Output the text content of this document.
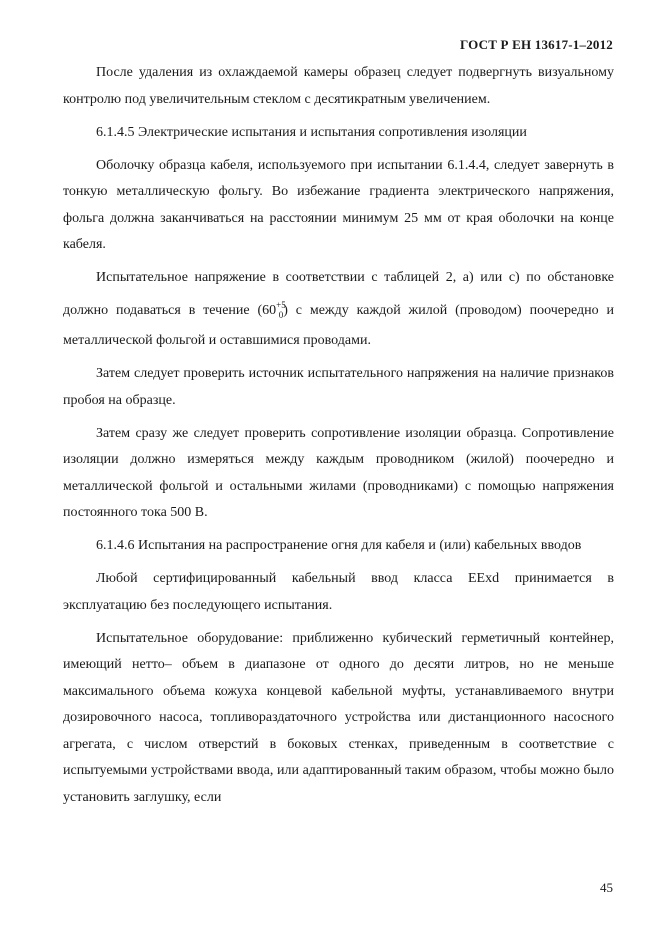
ГОСТ Р ЕН 13617-1–2012

После удаления из охлаждаемой камеры образец следует подвергнуть визуальному контролю под увеличительным стеклом с десятикратным увеличением.

6.1.4.5 Электрические испытания и испытания сопротивления изоляции

Оболочку образца кабеля, используемого при испытании 6.1.4.4, следует завернуть в тонкую металлическую фольгу. Во избежание градиента электрического напряжения, фольга должна заканчиваться на расстоянии минимум 25 мм от края оболочки на конце кабеля.

Испытательное напряжение в соответствии с таблицей 2, а) или с) по обстановке должно подаваться в течение $(60^{+5}_0)$ с между каждой жилой (проводом) поочередно и металлической фольгой и оставшимися проводами.

Затем следует проверить источник испытательного напряжения на наличие признаков пробоя на образце.

Затем сразу же следует проверить сопротивление изоляции образца. Сопротивление изоляции должно измеряться между каждым проводником (жилой) поочередно и металлической фольгой и остальными жилами (проводниками) с помощью напряжения постоянного тока 500 В.

6.1.4.6 Испытания на распространение огня для кабеля и (или) кабельных вводов

Любой сертифицированный кабельный ввод класса EExd принимается в эксплуатацию без последующего испытания.

Испытательное оборудование: приближенно кубический герметичный контейнер, имеющий нетто– объем в диапазоне от одного до десяти литров, но не меньше максимального объема кожуха концевой кабельной муфты, устанавливаемого внутри дозировочного насоса, топливораздаточного устройства или дистанционного насосного агрегата, с числом отверстий в боковых стенках, приведенным в соответствие с испытуемыми устройствами ввода, или адаптированный таким образом, чтобы можно было установить заглушку, если

45
